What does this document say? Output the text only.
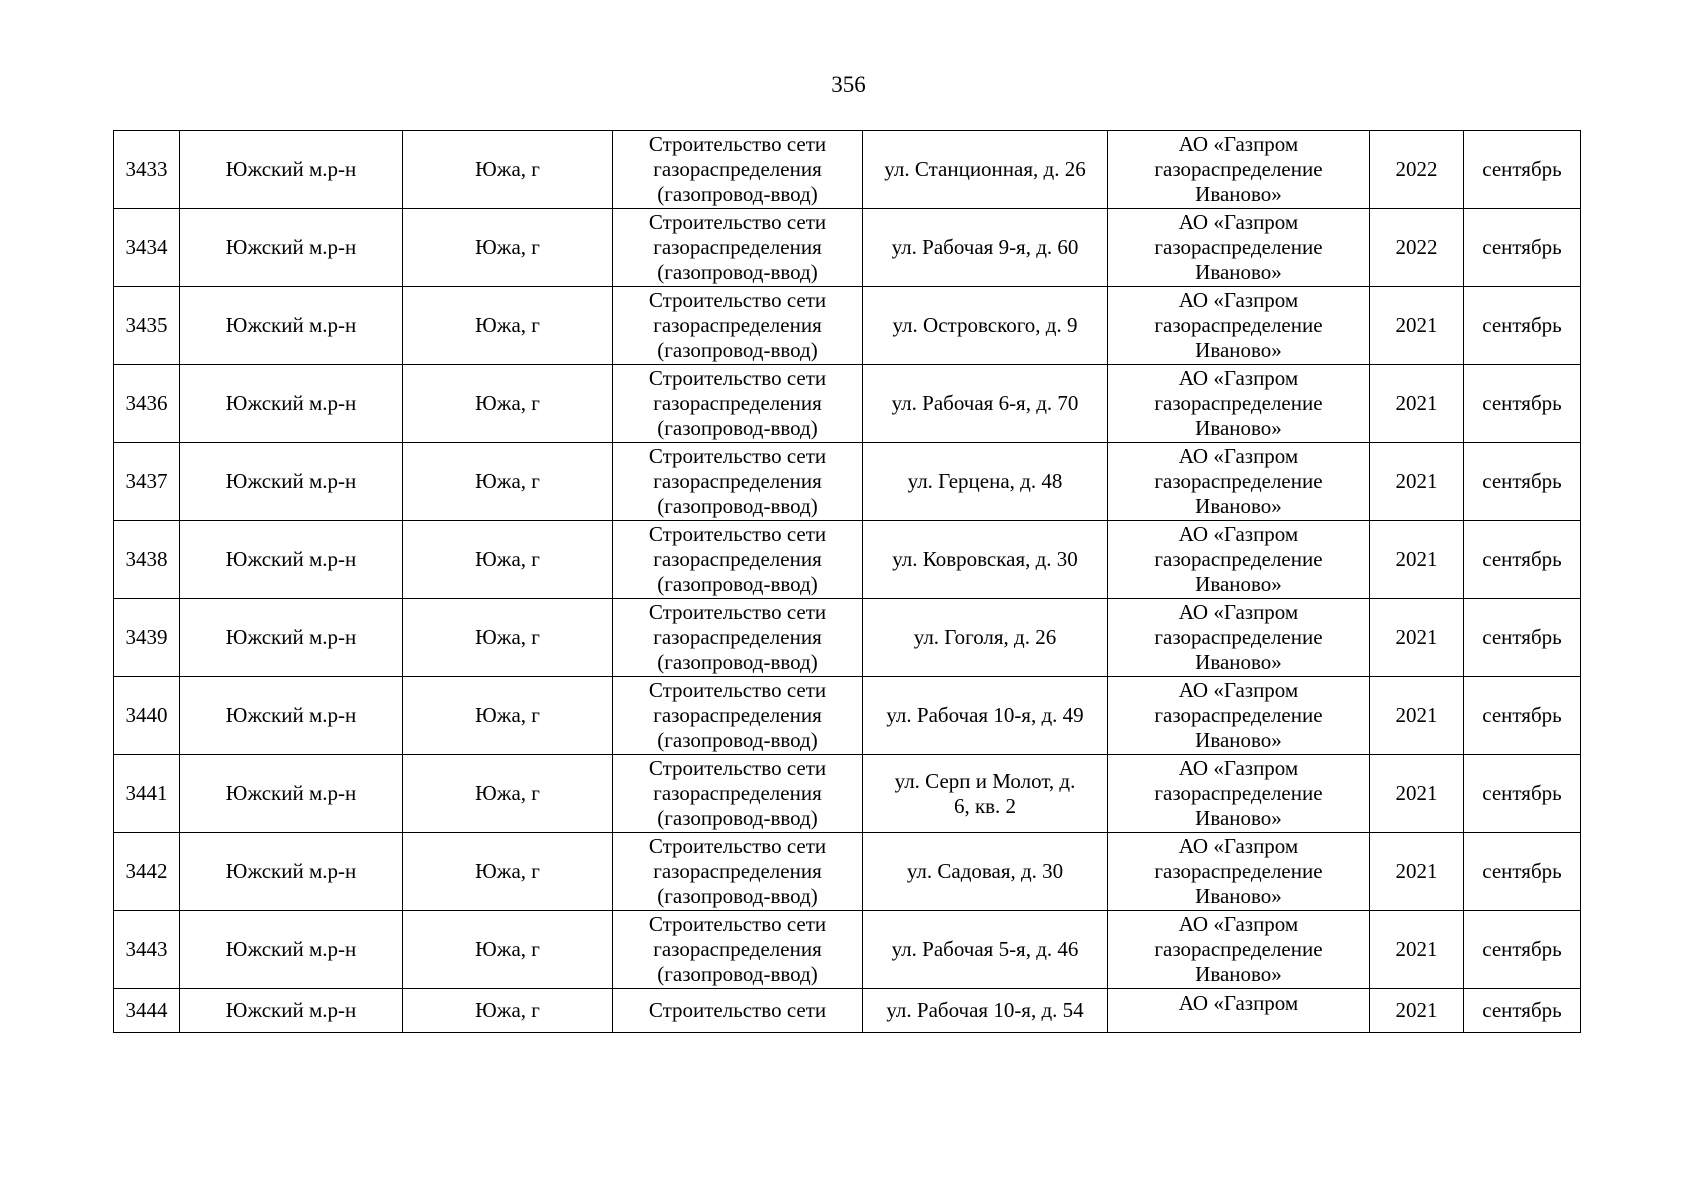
356
3433	Южский м.р-н	Южа, г	Строительство сети
газораспределения
(газопровод-ввод)	ул. Станционная, д. 26	АО «Газпром
газораспределение
Иваново»	2022	сентябрь
3434	Южский м.р-н	Южа, г	Строительство сети
газораспределения
(газопровод-ввод)	ул. Рабочая 9-я, д. 60	АО «Газпром
газораспределение
Иваново»	2022	сентябрь
3435	Южский м.р-н	Южа, г	Строительство сети
газораспределения
(газопровод-ввод)	ул. Островского, д. 9	АО «Газпром
газораспределение
Иваново»	2021	сентябрь
3436	Южский м.р-н	Южа, г	Строительство сети
газораспределения
(газопровод-ввод)	ул. Рабочая 6-я, д. 70	АО «Газпром
газораспределение
Иваново»	2021	сентябрь
3437	Южский м.р-н	Южа, г	Строительство сети
газораспределения
(газопровод-ввод)	ул. Герцена, д. 48	АО «Газпром
газораспределение
Иваново»	2021	сентябрь
3438	Южский м.р-н	Южа, г	Строительство сети
газораспределения
(газопровод-ввод)	ул. Ковровская, д. 30	АО «Газпром
газораспределение
Иваново»	2021	сентябрь
3439	Южский м.р-н	Южа, г	Строительство сети
газораспределения
(газопровод-ввод)	ул. Гоголя, д. 26	АО «Газпром
газораспределение
Иваново»	2021	сентябрь
3440	Южский м.р-н	Южа, г	Строительство сети
газораспределения
(газопровод-ввод)	ул. Рабочая 10-я, д. 49	АО «Газпром
газораспределение
Иваново»	2021	сентябрь
3441	Южский м.р-н	Южа, г	Строительство сети
газораспределения
(газопровод-ввод)	ул. Серп и Молот, д.
6, кв. 2	АО «Газпром
газораспределение
Иваново»	2021	сентябрь
3442	Южский м.р-н	Южа, г	Строительство сети
газораспределения
(газопровод-ввод)	ул. Садовая, д. 30	АО «Газпром
газораспределение
Иваново»	2021	сентябрь
3443	Южский м.р-н	Южа, г	Строительство сети
газораспределения
(газопровод-ввод)	ул. Рабочая 5-я, д. 46	АО «Газпром
газораспределение
Иваново»	2021	сентябрь
3444	Южский м.р-н	Южа, г	Строительство сети	ул. Рабочая 10-я, д. 54	АО «Газпром	2021	сентябрь
